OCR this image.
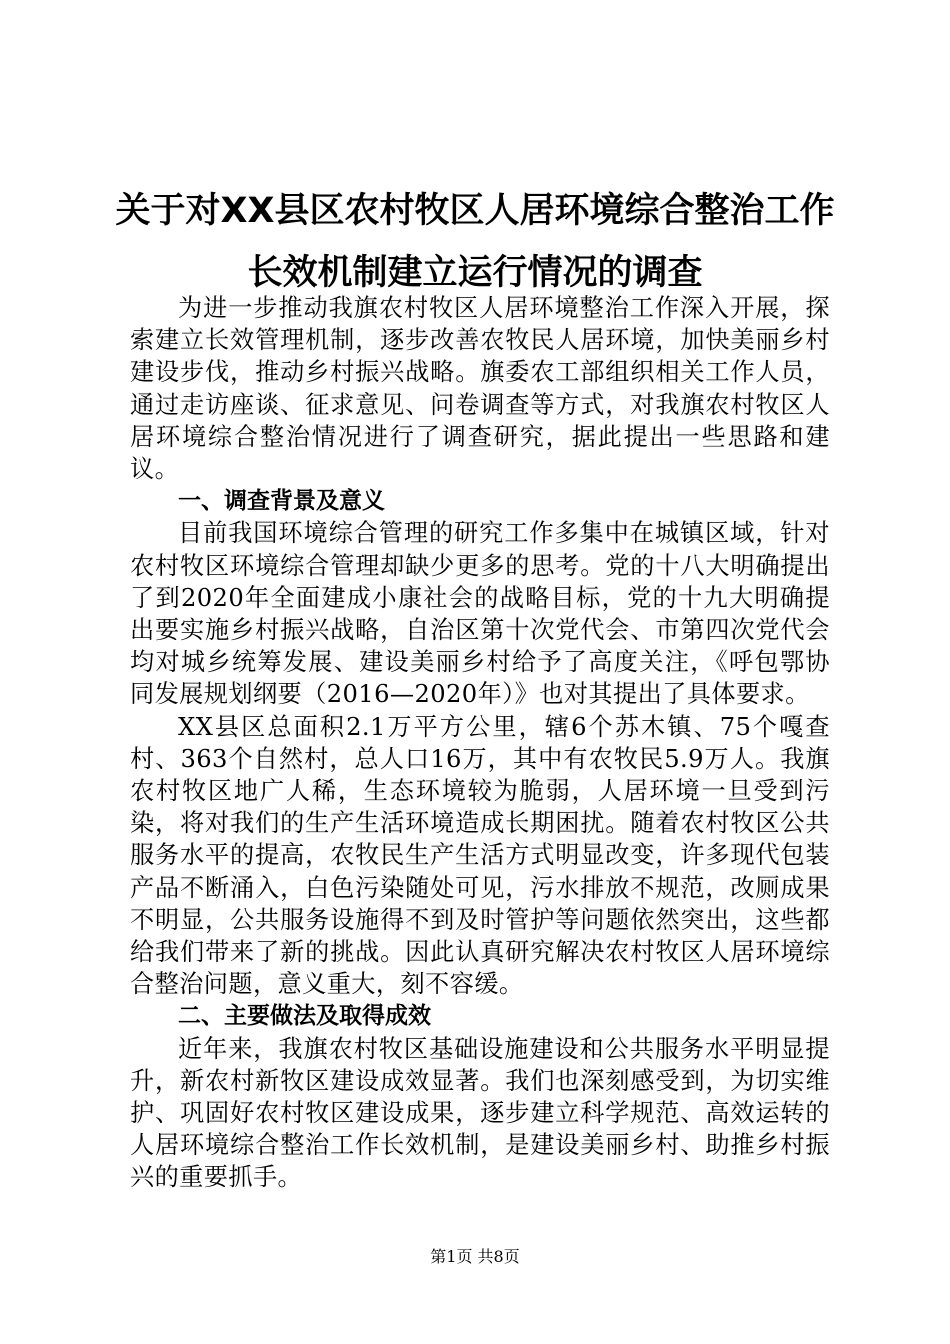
关于对XX县区农村牧区人居环境综合整治工作长效机制建立运行情况的调查

为进一步推动我旗农村牧区人居环境整治工作深入开展，探索建立长效管理机制，逐步改善农牧民人居环境，加快美丽乡村建设步伐，推动乡村振兴战略。旗委农工部组织相关工作人员，通过走访座谈、征求意见、问卷调查等方式，对我旗农村牧区人居环境综合整治情况进行了调查研究，据此提出一些思路和建议。

一、调查背景及意义

目前我国环境综合管理的研究工作多集中在城镇区域，针对农村牧区环境综合管理却缺少更多的思考。党的十八大明确提出了到2020年全面建成小康社会的战略目标，党的十九大明确提出要实施乡村振兴战略，自治区第十次党代会、市第四次党代会均对城乡统筹发展、建设美丽乡村给予了高度关注，《呼包鄂协同发展规划纲要（2016—2020年）》也对其提出了具体要求。

XX县区总面积2.1万平方公里，辖6个苏木镇、75个嘎查村、363个自然村，总人口16万，其中有农牧民5.9万人。我旗农村牧区地广人稀，生态环境较为脆弱，人居环境一旦受到污染，将对我们的生产生活环境造成长期困扰。随着农村牧区公共服务水平的提高，农牧民生产生活方式明显改变，许多现代包装产品不断涌入，白色污染随处可见，污水排放不规范，改厕成果不明显，公共服务设施得不到及时管护等问题依然突出，这些都给我们带来了新的挑战。因此认真研究解决农村牧区人居环境综合整治问题，意义重大，刻不容缓。

二、主要做法及取得成效

近年来，我旗农村牧区基础设施建设和公共服务水平明显提升，新农村新牧区建设成效显著。我们也深刻感受到，为切实维护、巩固好农村牧区建设成果，逐步建立科学规范、高效运转的人居环境综合整治工作长效机制，是建设美丽乡村、助推乡村振兴的重要抓手。

第1页 共8页
